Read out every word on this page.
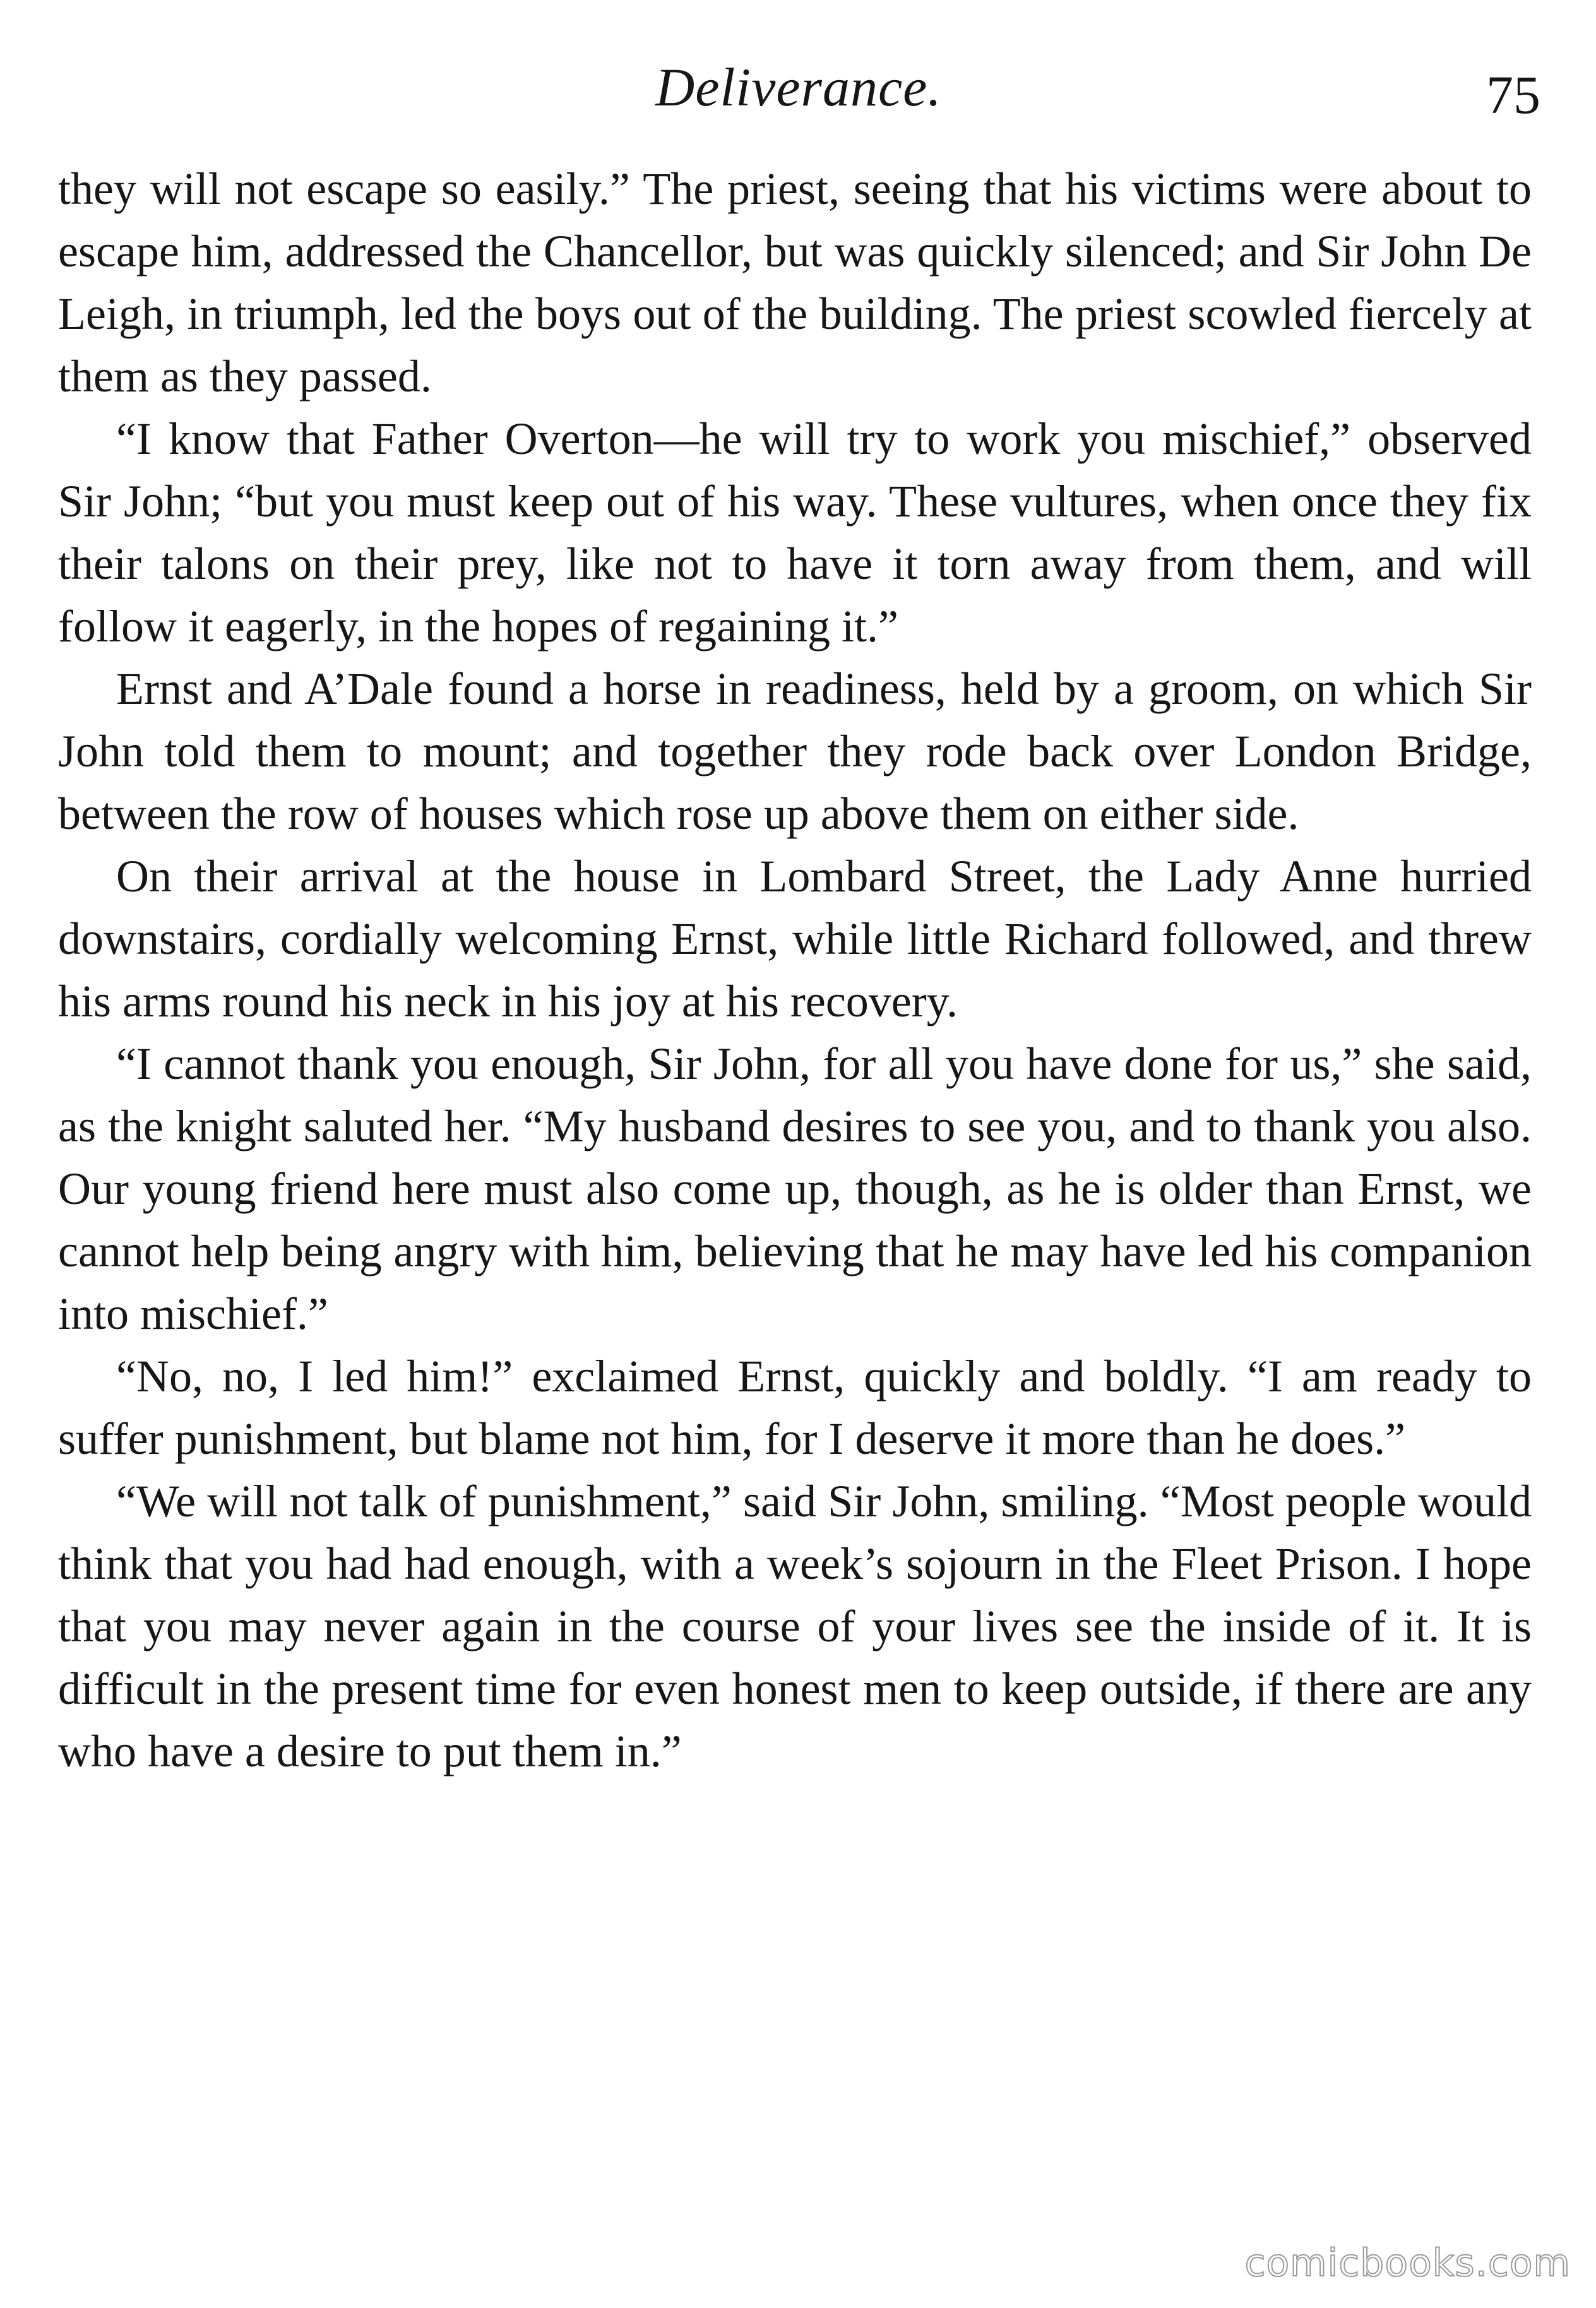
Deliverance.	75

they will not escape so easily.” The priest, seeing that his victims were about to escape him, addressed the Chancellor, but was quickly silenced; and Sir John De Leigh, in triumph, led the boys out of the building. The priest scowled fiercely at them as they passed.

“I know that Father Overton—he will try to work you mischief,” observed Sir John; “but you must keep out of his way. These vultures, when once they fix their talons on their prey, like not to have it torn away from them, and will follow it eagerly, in the hopes of regaining it.”

Ernst and A’Dale found a horse in readiness, held by a groom, on which Sir John told them to mount; and together they rode back over London Bridge, between the row of houses which rose up above them on either side.

On their arrival at the house in Lombard Street, the Lady Anne hurried downstairs, cordially welcoming Ernst, while little Richard followed, and threw his arms round his neck in his joy at his recovery.

“I cannot thank you enough, Sir John, for all you have done for us,” she said, as the knight saluted her. “My husband desires to see you, and to thank you also. Our young friend here must also come up, though, as he is older than Ernst, we cannot help being angry with him, believing that he may have led his companion into mischief.”

“No, no, I led him!” exclaimed Ernst, quickly and boldly. “I am ready to suffer punishment, but blame not him, for I deserve it more than he does.”

“We will not talk of punishment,” said Sir John, smiling. “Most people would think that you had had enough, with a week’s sojourn in the Fleet Prison. I hope that you may never again in the course of your lives see the inside of it. It is difficult in the present time for even honest men to keep outside, if there are any who have a desire to put them in.”

comicbooks.com
